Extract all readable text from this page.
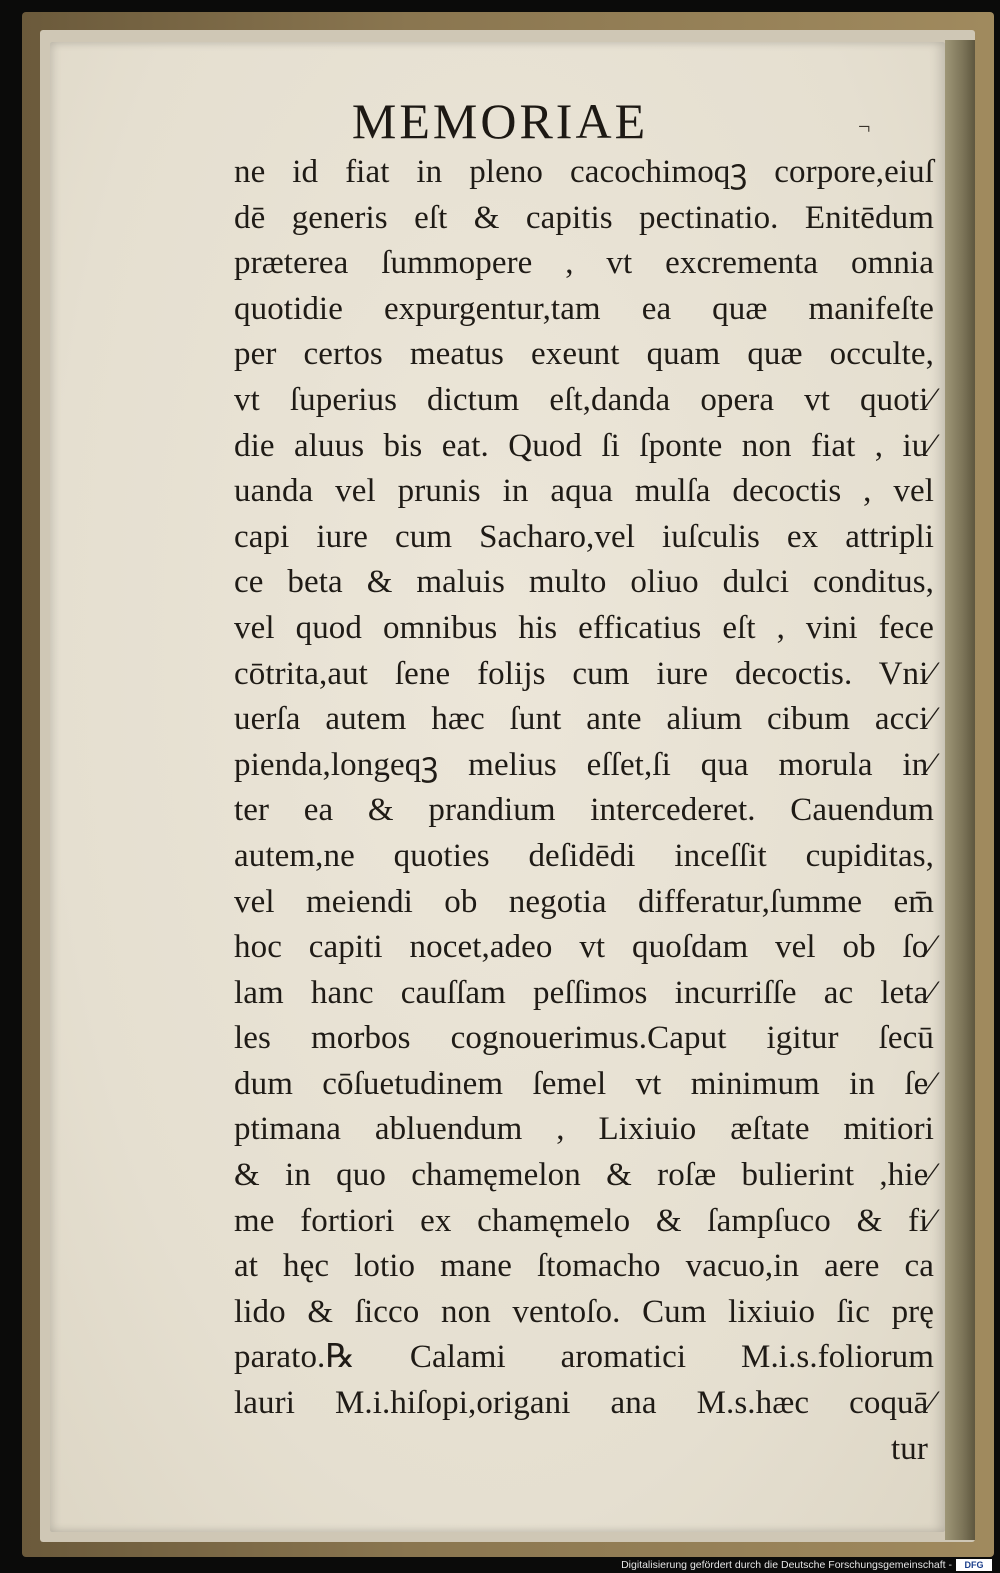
MEMORIAE	¬
ne id fiat in pleno cacochimoqꝫ corpore,eiuſ
dē generis eſt & capitis pectinatio. Enitēdum
præterea ſummopere , vt excrementa omnia
quotidie expurgentur,tam ea quæ manifeſte
per certos meatus exeunt quam quæ occulte,
vt ſuperius dictum eſt,danda opera vt quoti⁄
die aluus bis eat. Quod ſi ſponte non fiat , iu⁄
uanda vel prunis in aqua mulſa decoctis , vel
capi iure cum Sacharo,vel iuſculis ex attripli
ce beta & maluis multo oliuo dulci conditus,
vel quod omnibus his efficatius eſt , vini fece
cōtrita,aut ſene folijs cum iure decoctis. Vni⁄
uerſa autem hæc ſunt ante alium cibum acci⁄
pienda,longeqꝫ melius eſſet,ſi qua morula in⁄
ter ea & prandium intercederet. Cauendum
autem,ne quoties deſidēdi inceſſit cupiditas,
vel meiendi ob negotia differatur,ſumme em̄
hoc capiti nocet,adeo vt quoſdam vel ob ſo⁄
lam hanc cauſſam peſſimos incurriſſe ac leta⁄
les morbos cognouerimus.Caput igitur ſecū
dum cōſuetudinem ſemel vt minimum in ſe⁄
ptimana abluendum , Lixiuio æſtate mitiori
& in quo chamęmelon & roſæ bulierint ,hie⁄
me fortiori ex chamęmelo & ſampſuco & fi⁄
at hęc lotio mane ſtomacho vacuo,in aere ca
lido & ſicco non ventoſo. Cum lixiuio ſic prę
parato.℞ Calami aromatici M.i.s.foliorum
lauri M.i.hiſopi,origani ana M.s.hæc coquā⁄
tur
Digitalisierung gefördert durch die Deutsche Forschungsgemeinschaft -	DFG
